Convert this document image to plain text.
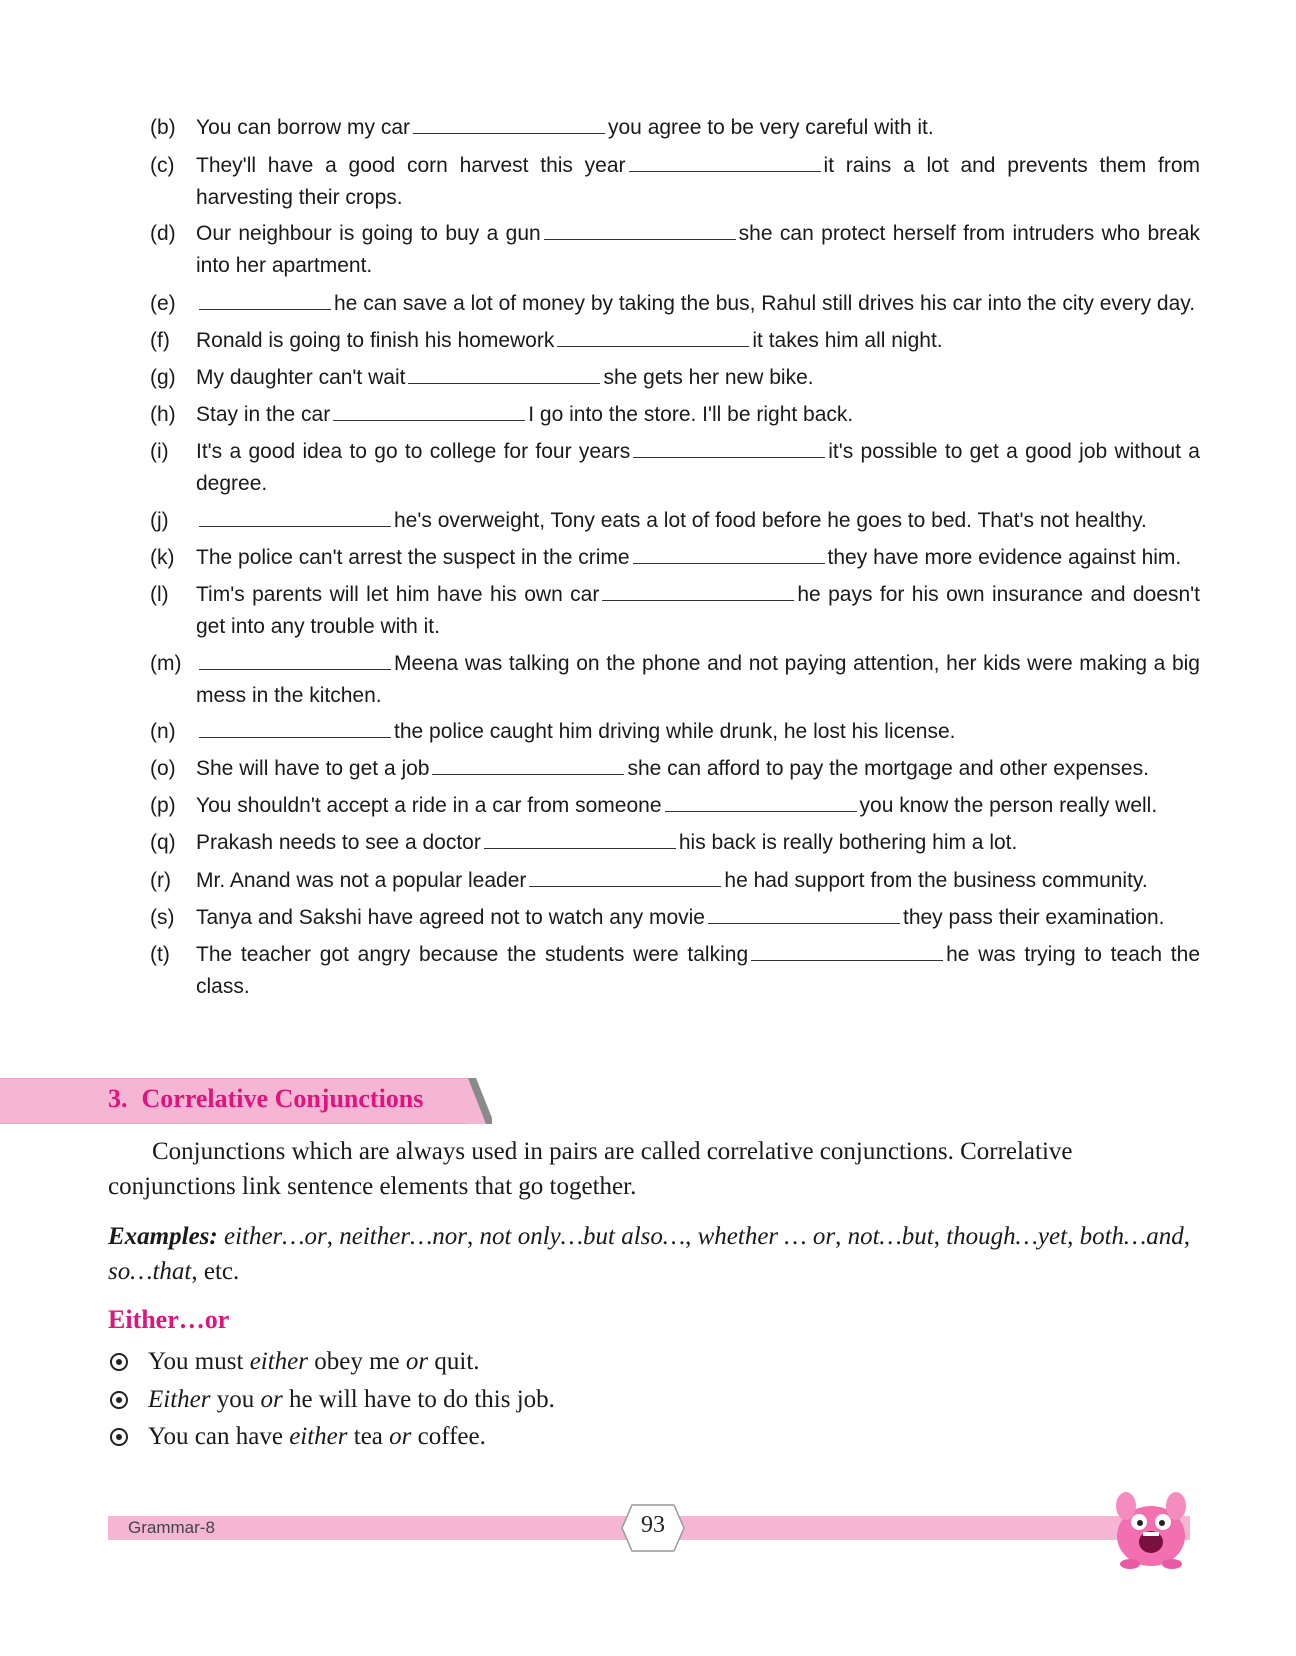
(b) You can borrow my car	you agree to be very careful with it.
(c)	They'll have a good corn harvest this year	it rains a lot and prevents them from harvesting their crops.
(d) Our neighbour is going to buy a gun	she can protect herself from intruders who break into her apartment.
(e)	he can save a lot of money by taking the bus, Rahul still drives his car into the city every day.
(f)	Ronald is going to finish his homework	it takes him all night.
(g) My daughter can't wait	she gets her new bike.
(h) Stay in the car	I go into the store. I'll be right back.
(i)	It's a good idea to go to college for four years	it's possible to get a good job without a degree.
(j)	he's overweight, Tony eats a lot of food before he goes to bed. That's not healthy.
(k)	The police can't arrest the suspect in the crime	they have more evidence against him.
(l)	Tim's parents will let him have his own car	he pays for his own insurance and doesn't get into any trouble with it.
(m)	Meena was talking on the phone and not paying attention, her kids were making a big mess in the kitchen.
(n)	the police caught him driving while drunk, he lost his license.
(o) She will have to get a job	she can afford to pay the mortgage and other expenses.
(p) You shouldn't accept a ride in a car from someone	you know the person really well.
(q) Prakash needs to see a doctor	his back is really bothering him a lot.
(r)	Mr. Anand was not a popular leader	he had support from the business community.
(s)	Tanya and Sakshi have agreed not to watch any movie	they pass their examination.
(t)	The teacher got angry because the students were talking	he was trying to teach the class.
3. Correlative Conjunctions
Conjunctions which are always used in pairs are called correlative conjunctions. Correlative conjunctions link sentence elements that go together.
Examples: either…or, neither…nor, not only…but also…, whether … or, not…but, though…yet, both…and, so…that, etc.
Either…or
You must either obey me or quit.
Either you or he will have to do this job.
You can have either tea or coffee.
Grammar-8	93
